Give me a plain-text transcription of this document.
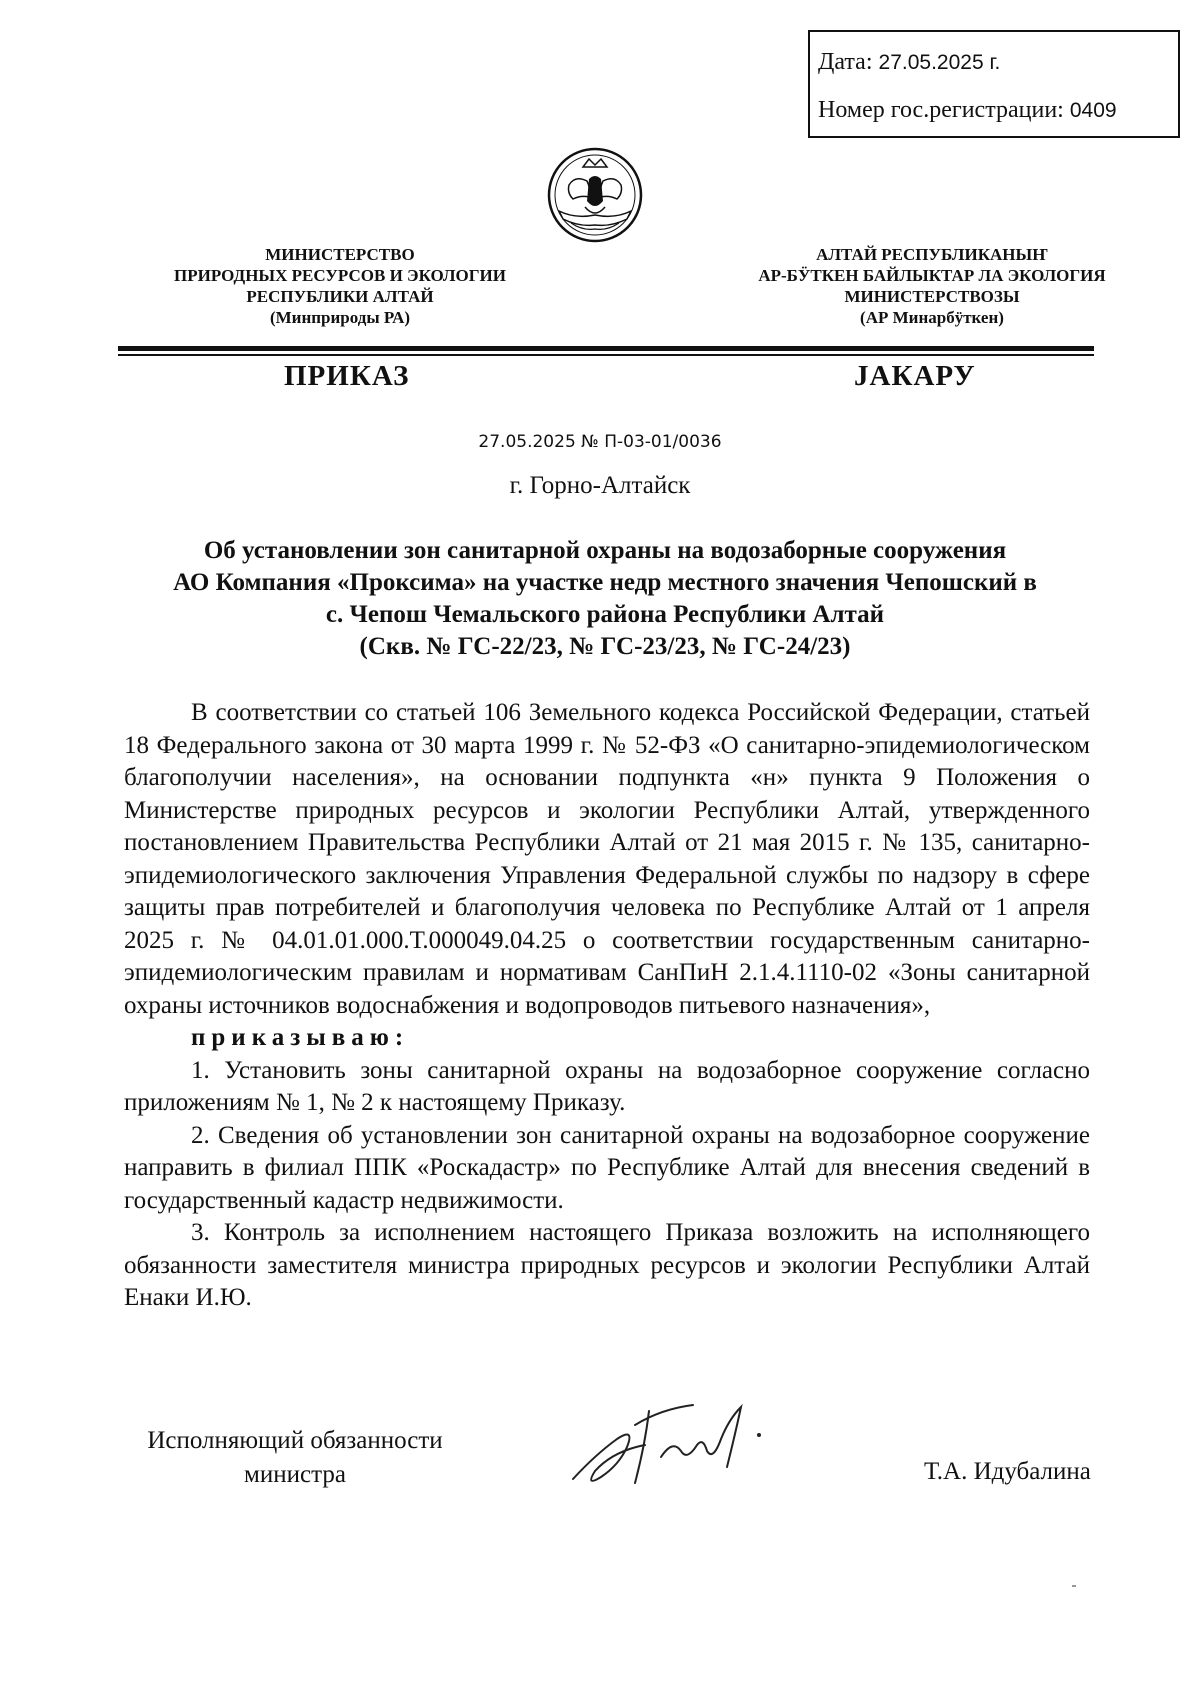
Дата: 27.05.2025 г.
Номер гос.регистрации: 0409
МИНИСТЕРСТВО
ПРИРОДНЫХ РЕСУРСОВ И ЭКОЛОГИИ
РЕСПУБЛИКИ АЛТАЙ
(Минприроды РА)
АЛТАЙ РЕСПУБЛИКАНЫҤ
АР-БӰТКЕН БАЙЛЫКТАР ЛА ЭКОЛОГИЯ
МИНИСТЕРСТВОЗЫ
(АР Минарбӱткен)
ПРИКАЗ	JАКАРУ
27.05.2025 № П-03-01/0036
г. Горно-Алтайск
Об установлении зон санитарной охраны на водозаборные сооружения
АО Компания «Проксима» на участке недр местного значения Чепошский в
с. Чепош Чемальского района Республики Алтай
(Скв. № ГС-22/23, № ГС-23/23, № ГС-24/23)

В соответствии со статьей 106 Земельного кодекса Российской Федерации, статьей 18 Федерального закона от 30 марта 1999 г. № 52-ФЗ «О санитарно-эпидемиологическом благополучии населения», на основании подпункта «н» пункта 9 Положения о Министерстве природных ресурсов и экологии Республики Алтай, утвержденного постановлением Правительства Республики Алтай от 21 мая 2015 г. № 135, санитарно-эпидемиологического заключения Управления Федеральной службы по надзору в сфере защиты прав потребителей и благополучия человека по Республике Алтай от 1 апреля 2025 г. № 04.01.01.000.Т.000049.04.25 о соответствии государственным санитарно-эпидемиологическим правилам и нормативам СанПиН 2.1.4.1110-02 «Зоны санитарной охраны источников водоснабжения и водопроводов питьевого назначения»,

приказываю:

1. Установить зоны санитарной охраны на водозаборное сооружение согласно приложениям № 1, № 2 к настоящему Приказу.

2. Сведения об установлении зон санитарной охраны на водозаборное сооружение направить в филиал ППК «Роскадастр» по Республике Алтай для внесения сведений в государственный кадастр недвижимости.

3. Контроль за исполнением настоящего Приказа возложить на исполняющего обязанности заместителя министра природных ресурсов и экологии Республики Алтай Енаки И.Ю.

Исполняющий обязанности
министра	Т.А. Идубалина
